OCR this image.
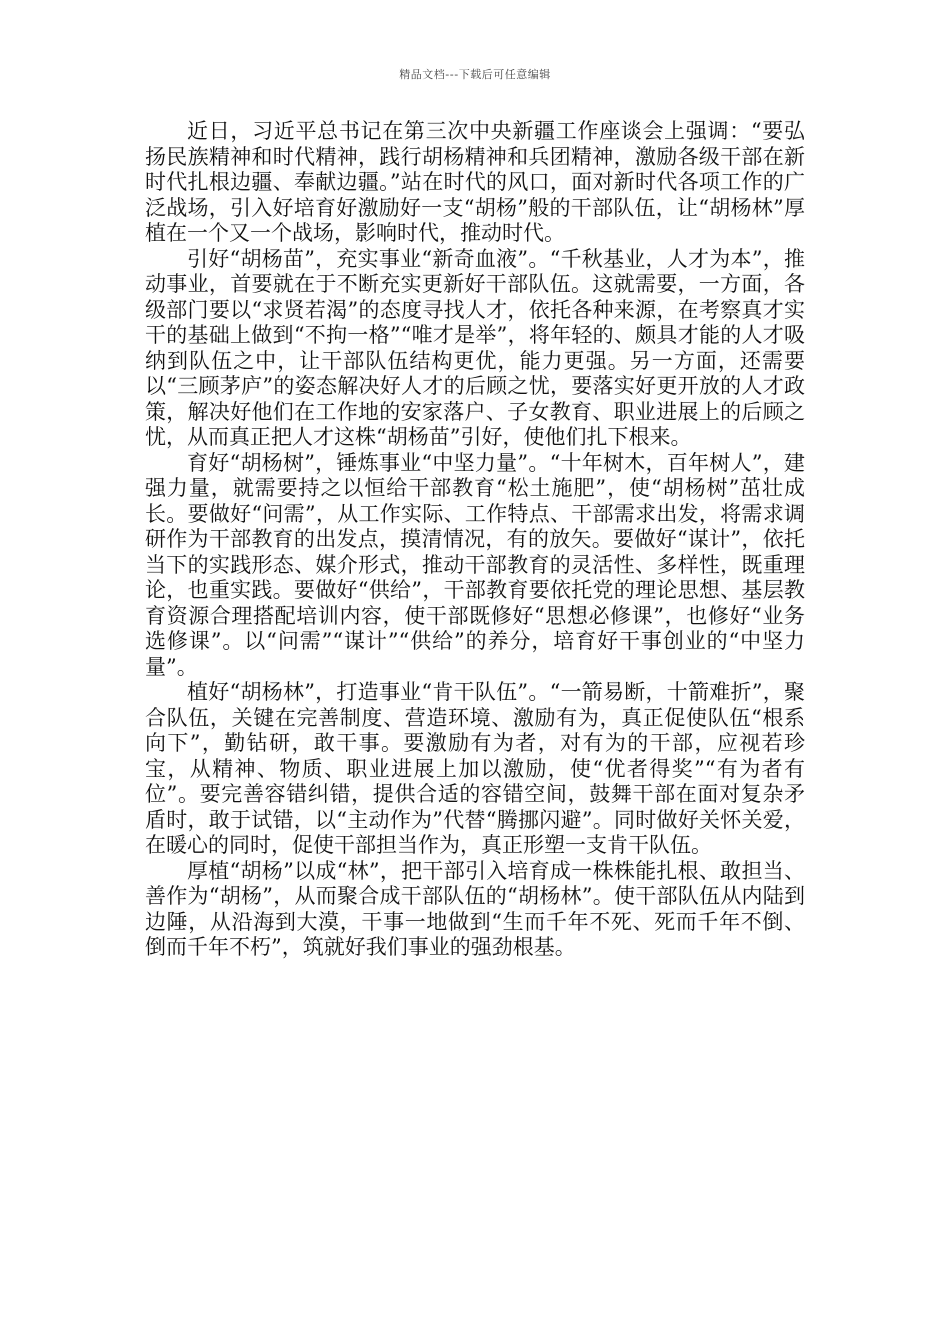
精品文档---下载后可任意编辑

近日，习近平总书记在第三次中央新疆工作座谈会上强调：“要弘扬民族精神和时代精神，践行胡杨精神和兵团精神，激励各级干部在新时代扎根边疆、奉献边疆。”站在时代的风口，面对新时代各项工作的广泛战场，引入好培育好激励好一支“胡杨”般的干部队伍，让“胡杨林”厚植在一个又一个战场，影响时代，推动时代。

引好“胡杨苗”，充实事业“新奇血液”。“千秋基业，人才为本”，推动事业，首要就在于不断充实更新好干部队伍。这就需要，一方面，各级部门要以“求贤若渴”的态度寻找人才，依托各种来源，在考察真才实干的基础上做到“不拘一格”“唯才是举”，将年轻的、颇具才能的人才吸纳到队伍之中，让干部队伍结构更优，能力更强。另一方面，还需要以“三顾茅庐”的姿态解决好人才的后顾之忧，要落实好更开放的人才政策，解决好他们在工作地的安家落户、子女教育、职业进展上的后顾之忧，从而真正把人才这株“胡杨苗”引好，使他们扎下根来。

育好“胡杨树”，锤炼事业“中坚力量”。“十年树木，百年树人”，建强力量，就需要持之以恒给干部教育“松土施肥”，使“胡杨树”茁壮成长。要做好“问需”，从工作实际、工作特点、干部需求出发，将需求调研作为干部教育的出发点，摸清情况，有的放矢。要做好“谋计”，依托当下的实践形态、媒介形式，推动干部教育的灵活性、多样性，既重理论，也重实践。要做好“供给”，干部教育要依托党的理论思想、基层教育资源合理搭配培训内容，使干部既修好“思想必修课”，也修好“业务选修课”。以“问需”“谋计”“供给”的养分，培育好干事创业的“中坚力量”。

植好“胡杨林”，打造事业“肯干队伍”。“一箭易断，十箭难折”，聚合队伍，关键在完善制度、营造环境、激励有为，真正促使队伍“根系向下”，勤钻研，敢干事。要激励有为者，对有为的干部，应视若珍宝，从精神、物质、职业进展上加以激励，使“优者得奖”“有为者有位”。要完善容错纠错，提供合适的容错空间，鼓舞干部在面对复杂矛盾时，敢于试错，以“主动作为”代替“腾挪闪避”。同时做好关怀关爱，在暖心的同时，促使干部担当作为，真正形塑一支肯干队伍。

厚植“胡杨”以成“林”，把干部引入培育成一株株能扎根、敢担当、善作为“胡杨”，从而聚合成干部队伍的“胡杨林”。使干部队伍从内陆到边陲，从沿海到大漠，干事一地做到“生而千年不死、死而千年不倒、倒而千年不朽”，筑就好我们事业的强劲根基。
